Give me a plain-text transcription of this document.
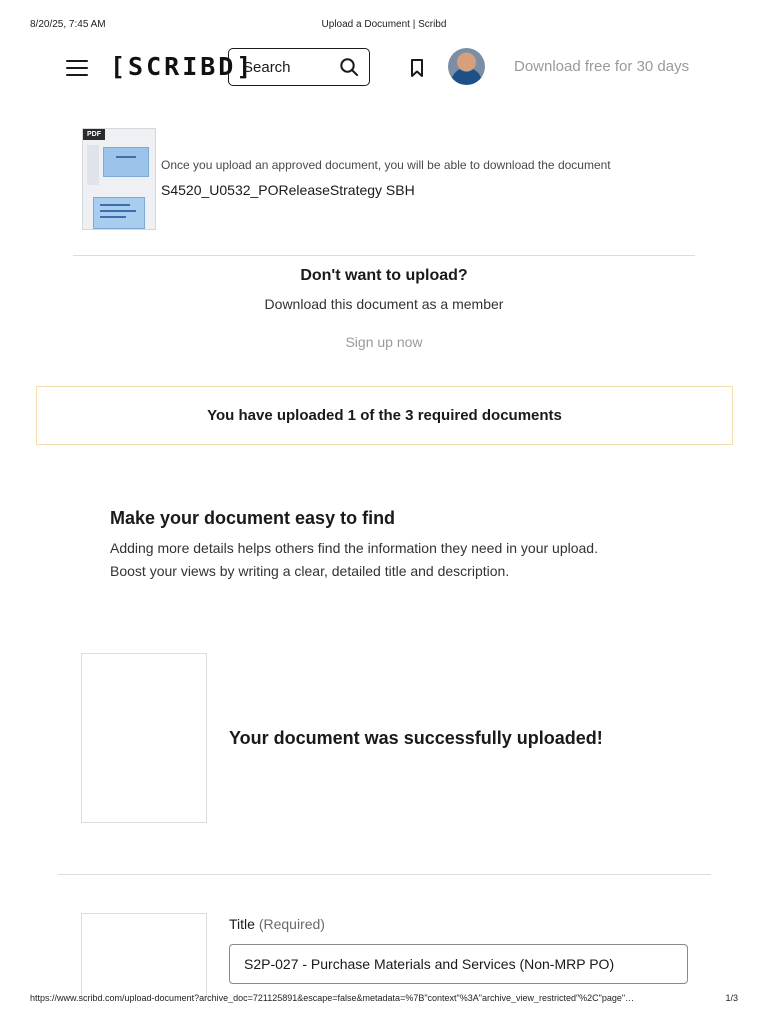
8/20/25, 7:45 AM	Upload a Document | Scribd
[SCRIBD]
Search	Download free for 30 days
PDF
Once you upload an approved document, you will be able to download the document
S4520_U0532_POReleaseStrategy SBH
Don't want to upload?
Download this document as a member
Sign up now
You have uploaded 1 of the 3 required documents
Make your document easy to find
Adding more details helps others find the information they need in your upload.
Boost your views by writing a clear, detailed title and description.
Your document was successfully uploaded!
Title (Required)
S2P-027 - Purchase Materials and Services (Non-MRP PO)
https://www.scribd.com/upload-document?archive_doc=721125891&escape=false&metadata=%7B"context"%3A"archive_view_restricted"%2C"page"…	1/3
